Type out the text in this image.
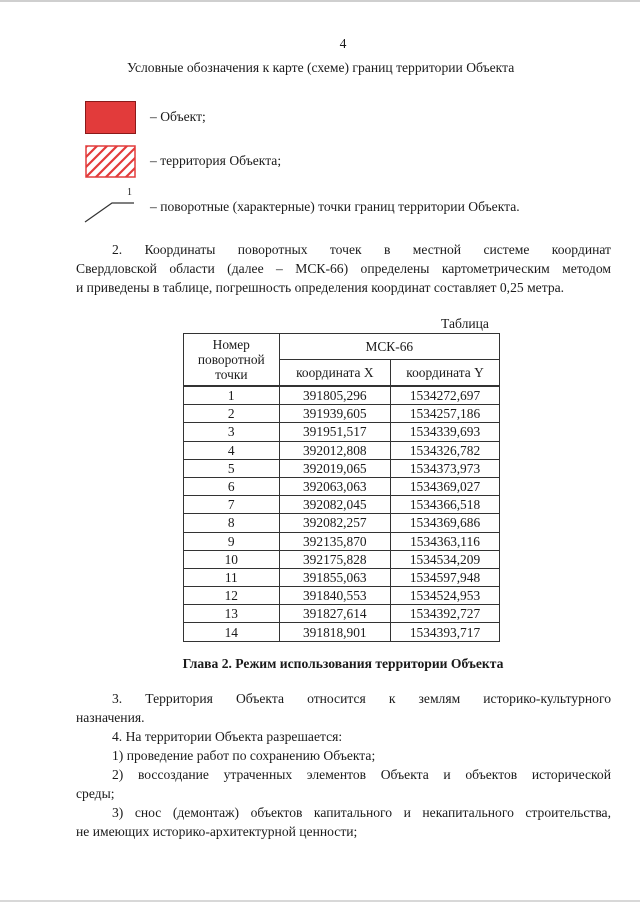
4
Условные обозначения к карте (схеме) границ территории Объекта
– Объект;
– территория Объекта;
1
– поворотные (характерные) точки границ территории Объекта.
2. Координаты поворотных точек в местной системе координат
Свердловской области (далее – МСК-66) определены картометрическим методом
и приведены в таблице, погрешность определения координат составляет 0,25 метра.
Таблица
Номер поворотной точки	МСК-66	
	координата X	координата Y
1	391805,296	1534272,697
2	391939,605	1534257,186
3	391951,517	1534339,693
4	392012,808	1534326,782
5	392019,065	1534373,973
6	392063,063	1534369,027
7	392082,045	1534366,518
8	392082,257	1534369,686
9	392135,870	1534363,116
10	392175,828	1534534,209
11	391855,063	1534597,948
12	391840,553	1534524,953
13	391827,614	1534392,727
14	391818,901	1534393,717
Глава 2. Режим использования территории Объекта
3. Территория Объекта относится к землям историко-культурного
назначения.
4. На территории Объекта разрешается:
1) проведение работ по сохранению Объекта;
2) воссоздание утраченных элементов Объекта и объектов исторической
среды;
3) снос (демонтаж) объектов капитального и некапитального строительства,
не имеющих историко-архитектурной ценности;
